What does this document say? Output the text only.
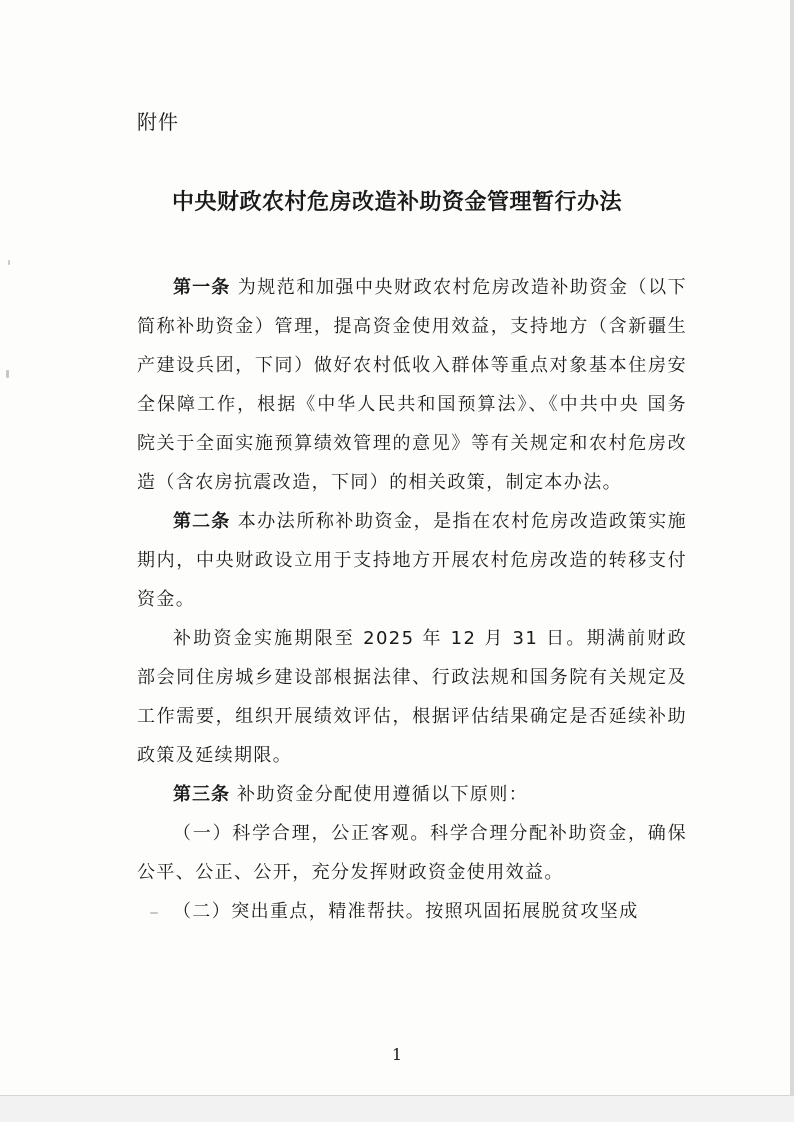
附件
中央财政农村危房改造补助资金管理暂行办法

第一条 为规范和加强中央财政农村危房改造补助资金（以下简称补助资金）管理，提高资金使用效益，支持地方（含新疆生产建设兵团，下同）做好农村低收入群体等重点对象基本住房安全保障工作，根据《中华人民共和国预算法》、《中共中央 国务院关于全面实施预算绩效管理的意见》等有关规定和农村危房改造（含农房抗震改造，下同）的相关政策，制定本办法。

第二条 本办法所称补助资金，是指在农村危房改造政策实施期内，中央财政设立用于支持地方开展农村危房改造的转移支付资金。

补助资金实施期限至 2025 年 12 月 31 日。期满前财政部会同住房城乡建设部根据法律、行政法规和国务院有关规定及工作需要，组织开展绩效评估，根据评估结果确定是否延续补助政策及延续期限。

第三条 补助资金分配使用遵循以下原则：

（一）科学合理，公正客观。科学合理分配补助资金，确保公平、公正、公开，充分发挥财政资金使用效益。

（二）突出重点，精准帮扶。按照巩固拓展脱贫攻坚成

1
